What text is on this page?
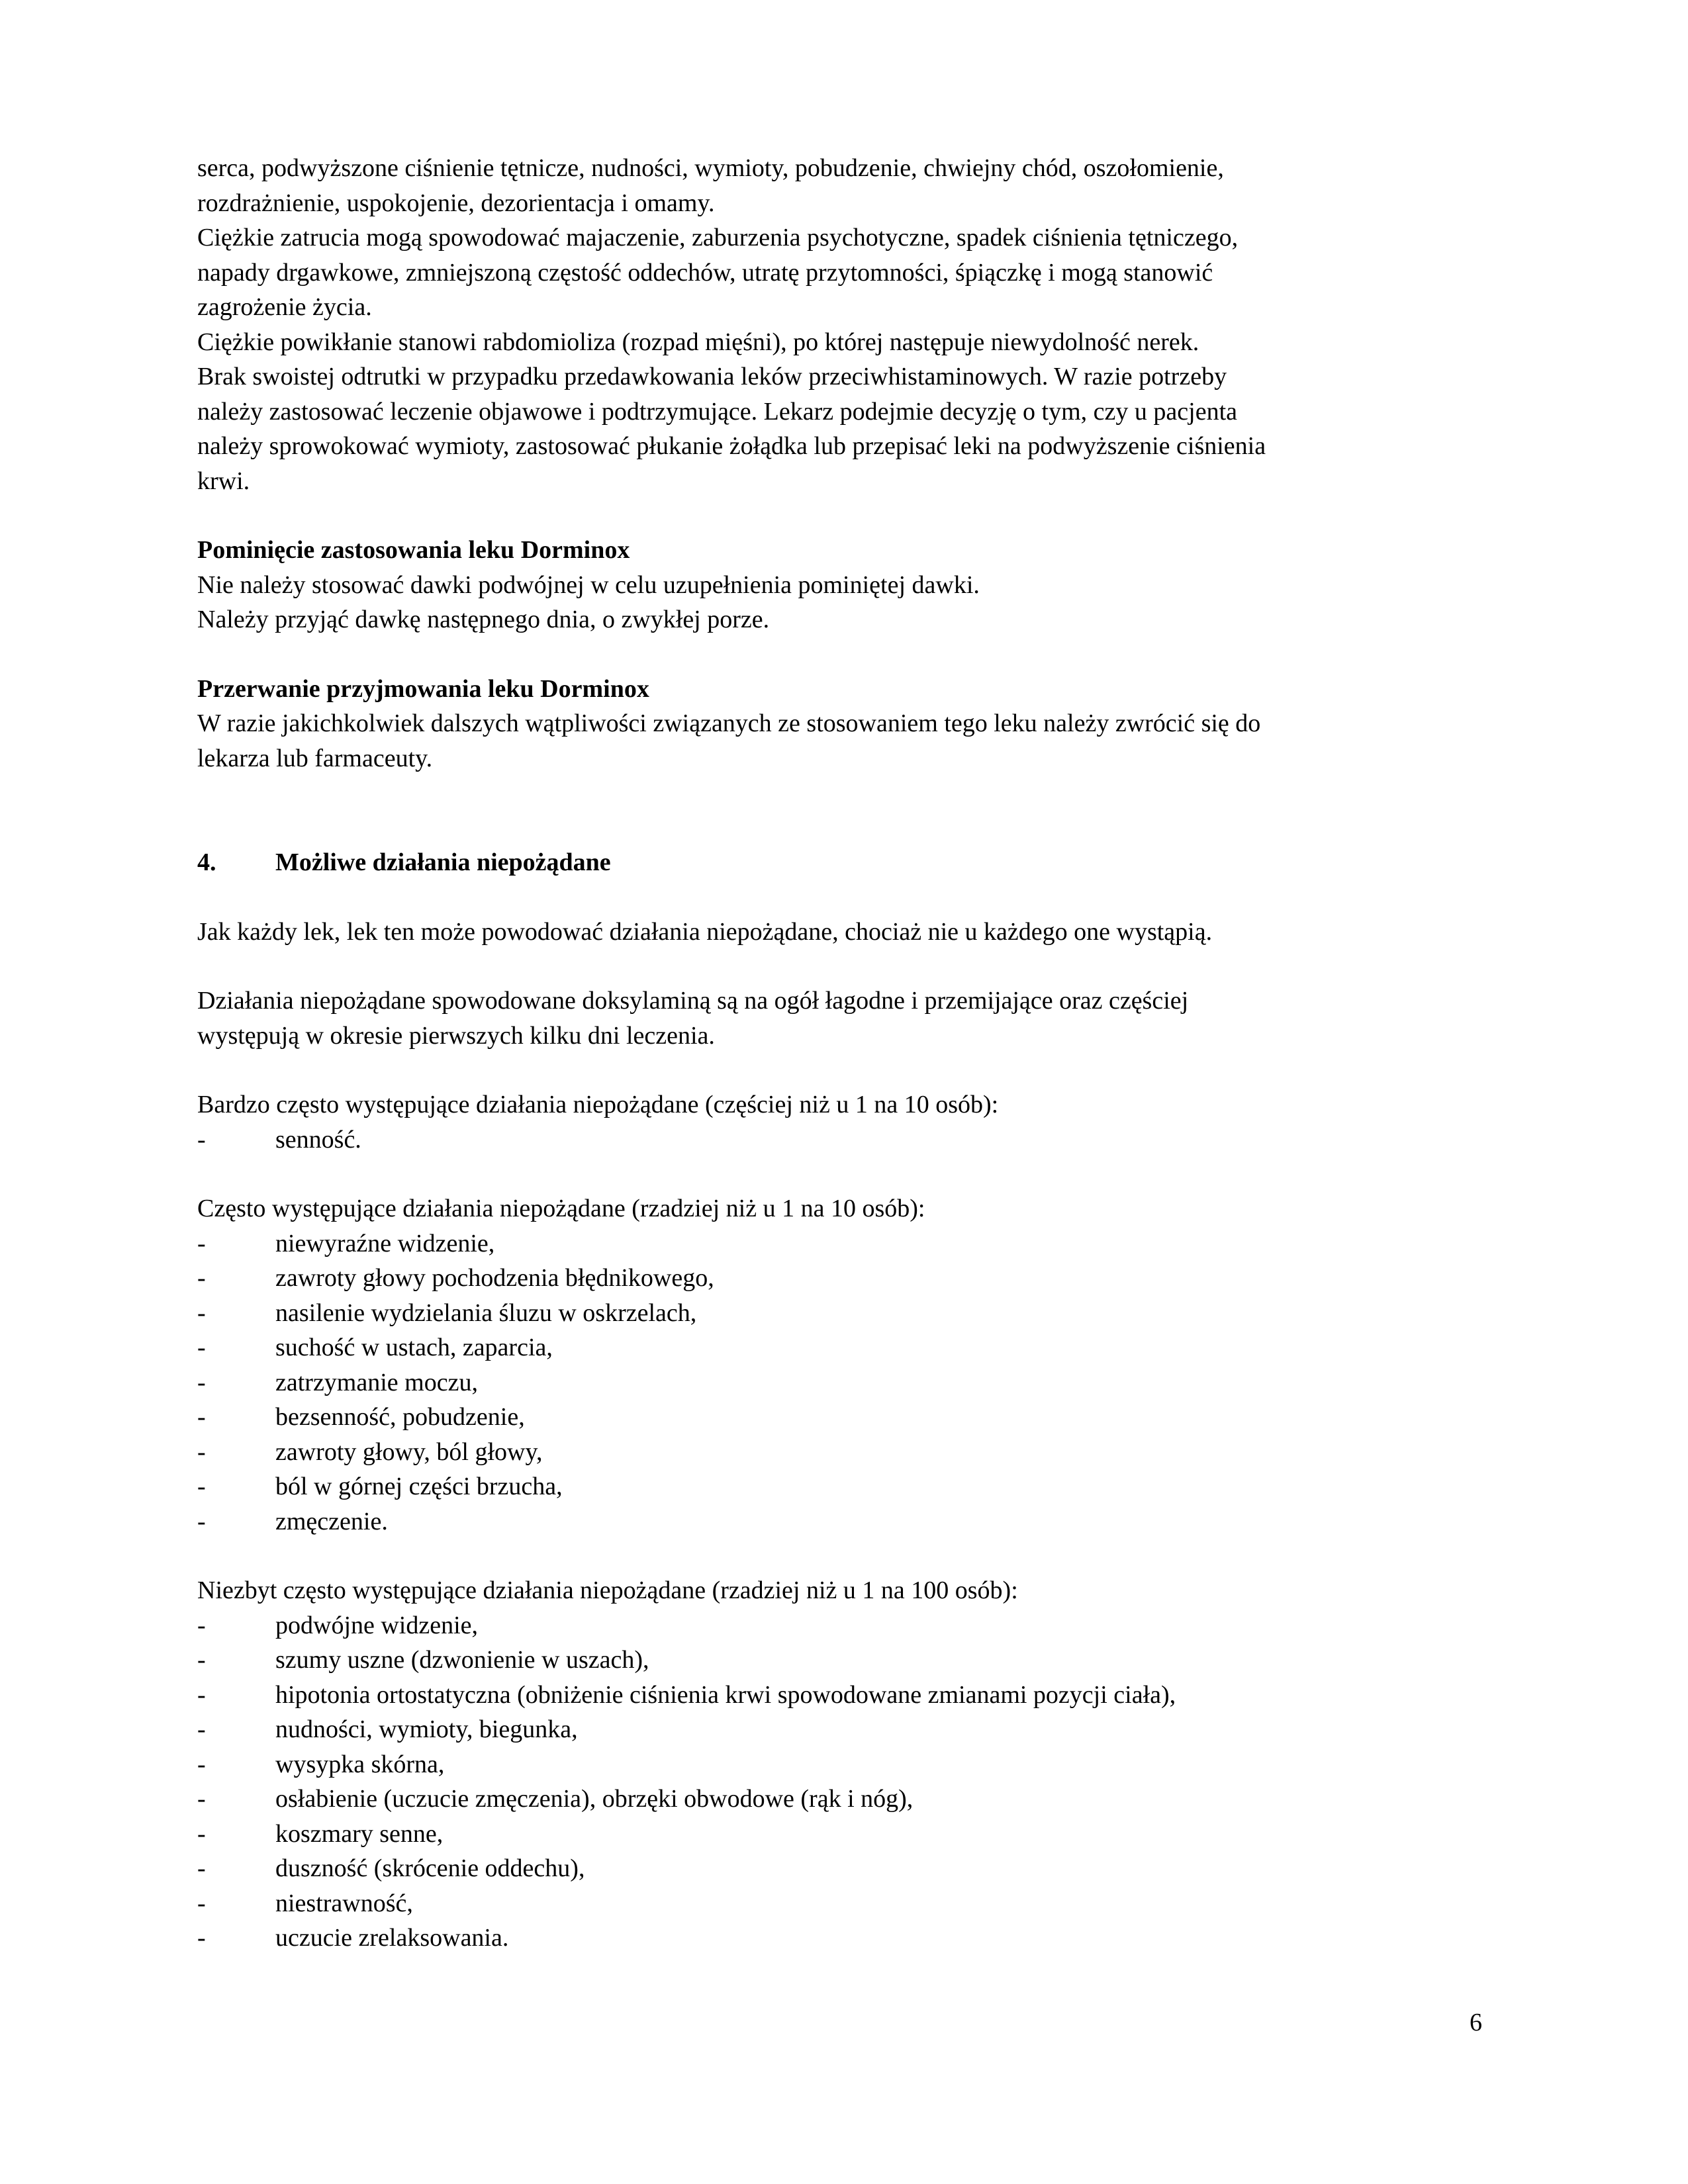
serca, podwyższone ciśnienie tętnicze, nudności, wymioty, pobudzenie, chwiejny chód, oszołomienie,
rozdrażnienie, uspokojenie, dezorientacja i omamy.
Ciężkie zatrucia mogą spowodować majaczenie, zaburzenia psychotyczne, spadek ciśnienia tętniczego,
napady drgawkowe, zmniejszoną częstość oddechów, utratę przytomności, śpiączkę i mogą stanowić
zagrożenie życia.
Ciężkie powikłanie stanowi rabdomioliza (rozpad mięśni), po której następuje niewydolność nerek.
Brak swoistej odtrutki w przypadku przedawkowania leków przeciwhistaminowych. W razie potrzeby
należy zastosować leczenie objawowe i podtrzymujące. Lekarz podejmie decyzję o tym, czy u pacjenta
należy sprowokować wymioty, zastosować płukanie żołądka lub przepisać leki na podwyższenie ciśnienia
krwi.
Pominięcie zastosowania leku Dorminox
Nie należy stosować dawki podwójnej w celu uzupełnienia pominiętej dawki.
Należy przyjąć dawkę następnego dnia, o zwykłej porze.
Przerwanie przyjmowania leku Dorminox
W razie jakichkolwiek dalszych wątpliwości związanych ze stosowaniem tego leku należy zwrócić się do
lekarza lub farmaceuty.
4.	Możliwe działania niepożądane
Jak każdy lek, lek ten może powodować działania niepożądane, chociaż nie u każdego one wystąpią.
Działania niepożądane spowodowane doksylaminą są na ogół łagodne i przemijające oraz częściej
występują w okresie pierwszych kilku dni leczenia.
Bardzo często występujące działania niepożądane (częściej niż u 1 na 10 osób):
-	senność.
Często występujące działania niepożądane (rzadziej niż u 1 na 10 osób):
-	niewyraźne widzenie,
-	zawroty głowy pochodzenia błędnikowego,
-	nasilenie wydzielania śluzu w oskrzelach,
-	suchość w ustach, zaparcia,
-	zatrzymanie moczu,
-	bezsenność, pobudzenie,
-	zawroty głowy, ból głowy,
-	ból w górnej części brzucha,
-	zmęczenie.
Niezbyt często występujące działania niepożądane (rzadziej niż u 1 na 100 osób):
-	podwójne widzenie,
-	szumy uszne (dzwonienie w uszach),
-	hipotonia ortostatyczna (obniżenie ciśnienia krwi spowodowane zmianami pozycji ciała),
-	nudności, wymioty, biegunka,
-	wysypka skórna,
-	osłabienie (uczucie zmęczenia), obrzęki obwodowe (rąk i nóg),
-	koszmary senne,
-	duszność (skrócenie oddechu),
-	niestrawność,
-	uczucie zrelaksowania.
6
